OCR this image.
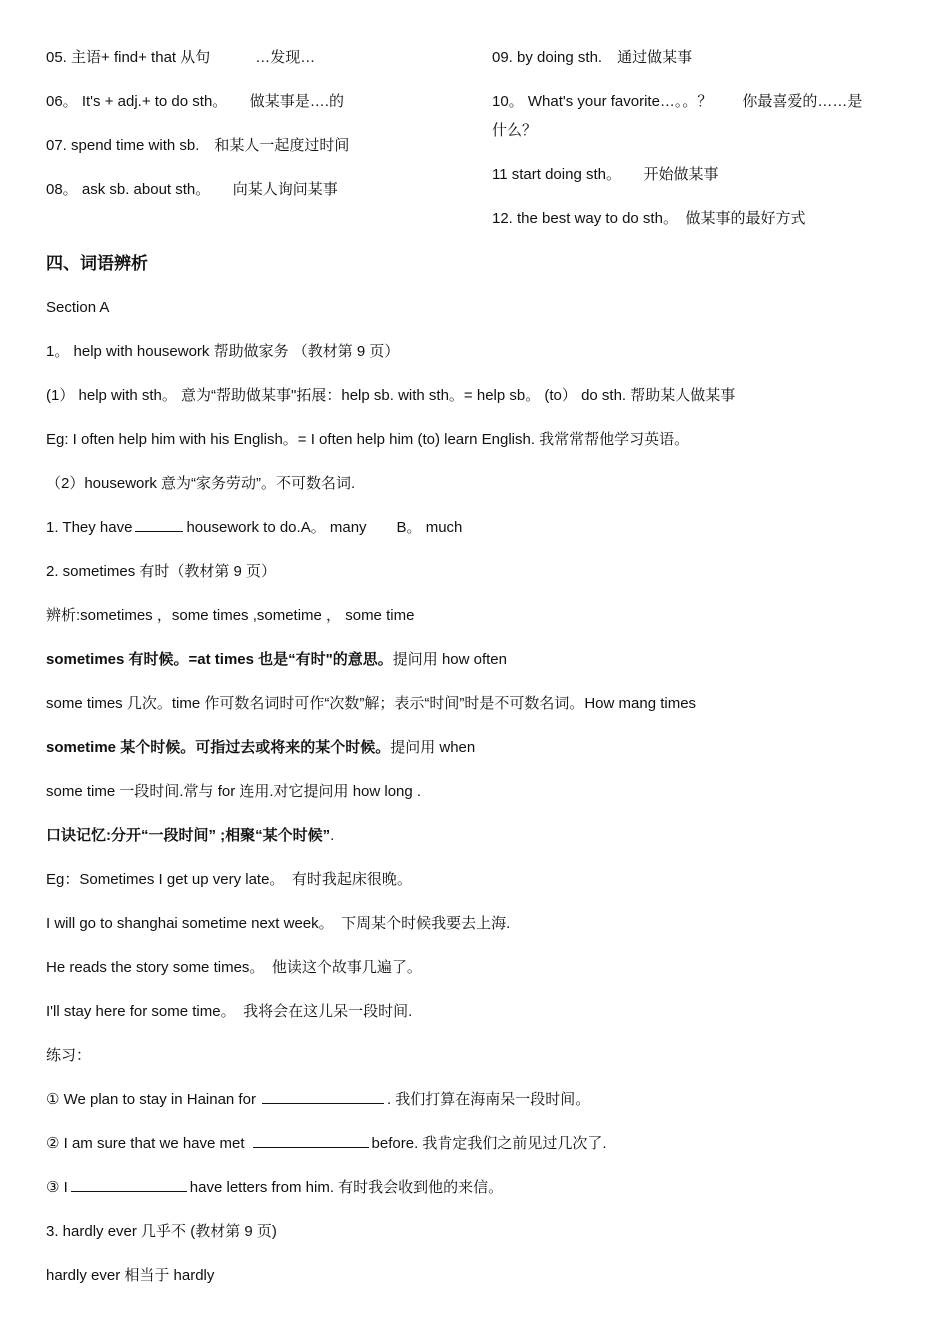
05. 主语+ find+ that 从句　　　…发现…
06。 It's + adj.+ to do sth。　　做某事是….的
07. spend time with sb.　和某人一起度过时间
08。 ask sb. about sth。　　向某人询问某事
09. by doing sth.　通过做某事
10。 What's your favorite…。。？　　你最喜爱的……是
什么？
11 start doing sth。　　开始做某事
12. the best way to do sth。　做某事的最好方式
四、词语辨析
Section A
1。 help with housework 帮助做家务 （教材第 9 页）
(1） help with sth。 意为“帮助做某事"拓展：help sb. with sth。= help sb。 (to） do sth. 帮助某人做某事
Eg: I often help him with his English。= I often help him (to) learn English. 我常常帮他学习英语。
（2）housework 意为“家务劳动”。不可数名词.
1. They have	housework to do.A。 many　　B。 much
2. sometimes 有时（教材第 9 页）
辨析:sometimes ，some times ,sometime ， some time
sometimes 有时候。=at times 也是“有时"的意思。提问用 how often
some times 几次。time 作可数名词时可作“次数”解；表示“时间”时是不可数名词。How mang times
sometime 某个时候。可指过去或将来的某个时候。提问用 when
some time 一段时间.常与 for 连用.对它提问用 how long .
口诀记忆:分开“一段时间” ;相聚“某个时候”.
Eg：Sometimes I get up very late。　有时我起床很晚。
I will go to shanghai sometime next week。　下周某个时候我要去上海.
He reads the story some times。　他读这个故事几遍了。
I'll stay here for some time。　我将会在这儿呆一段时间.
练习：
① We plan to stay in Hainan for	. 我们打算在海南呆一段时间。
② I am sure that we have met	before. 我肯定我们之前见过几次了.
③ I	have letters from him. 有时我会收到他的来信。
3. hardly ever 几乎不 (教材第 9 页)
hardly ever 相当于 hardly
